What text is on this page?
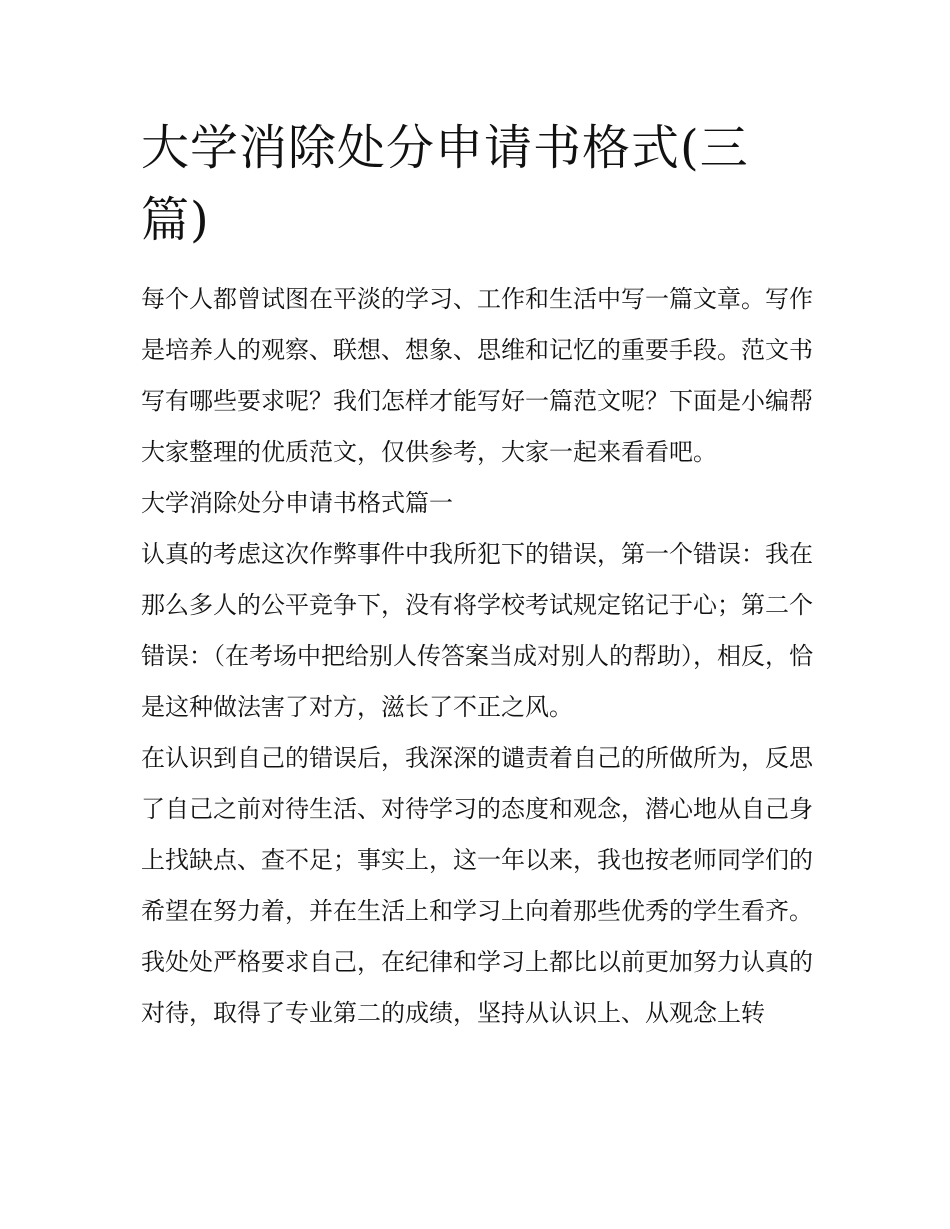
大学消除处分申请书格式(三篇)

每个人都曾试图在平淡的学习、工作和生活中写一篇文章。写作是培养人的观察、联想、想象、思维和记忆的重要手段。范文书写有哪些要求呢？我们怎样才能写好一篇范文呢？下面是小编帮大家整理的优质范文，仅供参考，大家一起来看看吧。

大学消除处分申请书格式篇一

认真的考虑这次作弊事件中我所犯下的错误，第一个错误：我在那么多人的公平竞争下，没有将学校考试规定铭记于心；第二个错误：（在考场中把给别人传答案当成对别人的帮助），相反，恰是这种做法害了对方，滋长了不正之风。

在认识到自己的错误后，我深深的谴责着自己的所做所为，反思了自己之前对待生活、对待学习的态度和观念，潜心地从自己身上找缺点、查不足；事实上，这一年以来，我也按老师同学们的希望在努力着，并在生活上和学习上向着那些优秀的学生看齐。

我处处严格要求自己，在纪律和学习上都比以前更加努力认真的对待，取得了专业第二的成绩，坚持从认识上、从观念上转
